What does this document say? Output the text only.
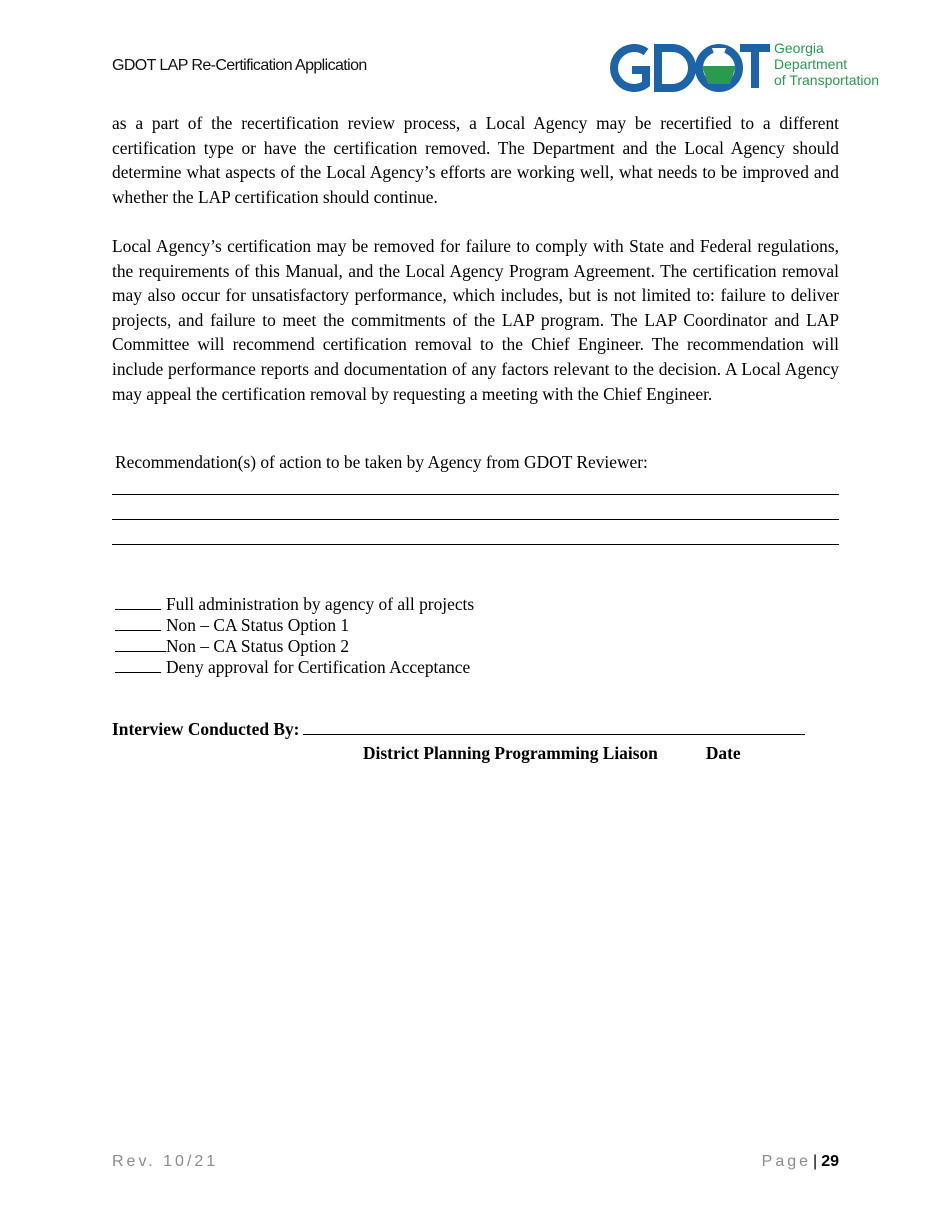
GDOT LAP Re-Certification Application
Georgia
Department
of Transportation

as a part of the recertification review process, a Local Agency may be recertified to a different certification type or have the certification removed. The Department and the Local Agency should determine what aspects of the Local Agency’s efforts are working well, what needs to be improved and whether the LAP certification should continue.

Local Agency’s certification may be removed for failure to comply with State and Federal regulations, the requirements of this Manual, and the Local Agency Program Agreement. The certification removal may also occur for unsatisfactory performance, which includes, but is not limited to: failure to deliver projects, and failure to meet the commitments of the LAP program. The LAP Coordinator and LAP Committee will recommend certification removal to the Chief Engineer. The recommendation will include performance reports and documentation of any factors relevant to the decision. A Local Agency may appeal the certification removal by requesting a meeting with the Chief Engineer.

Recommendation(s) of action to be taken by Agency from GDOT Reviewer:
Full administration by agency of all projects
Non – CA Status Option 1
Non – CA Status Option 2
Deny approval for Certification Acceptance
Interview Conducted By:
District Planning Programming Liaison	Date
Rev. 10/21	Page | 29
